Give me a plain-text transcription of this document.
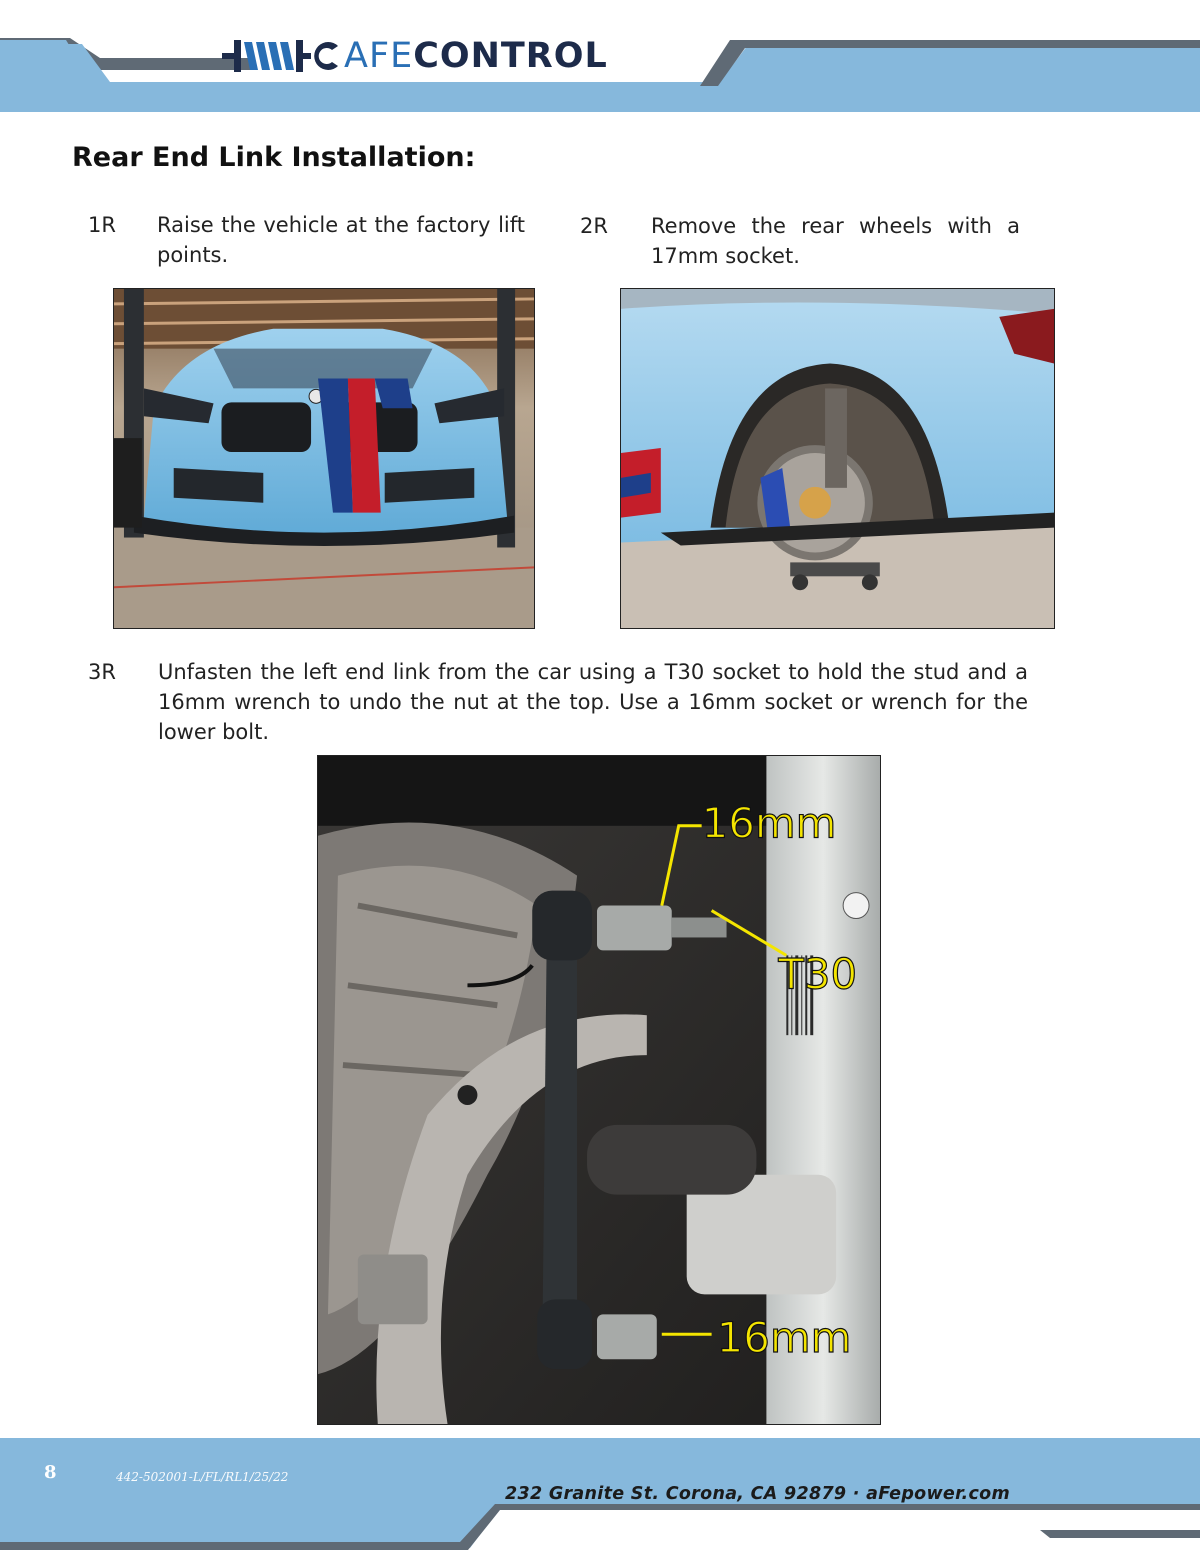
AFECONTROL
Rear End Link Installation:
1R Raise the vehicle at the factory lift points.
2R Remove the rear wheels with a 17mm socket.
3R Unfasten the left end link from the car using a T30 socket to hold the stud and a 16mm wrench to undo the nut at the top. Use a 16mm socket or wrench for the lower bolt.
16mm
T30
16mm
8	442-502001-L/FL/RL1/25/22
232 Granite St. Corona, CA 92879 · aFepower.com
